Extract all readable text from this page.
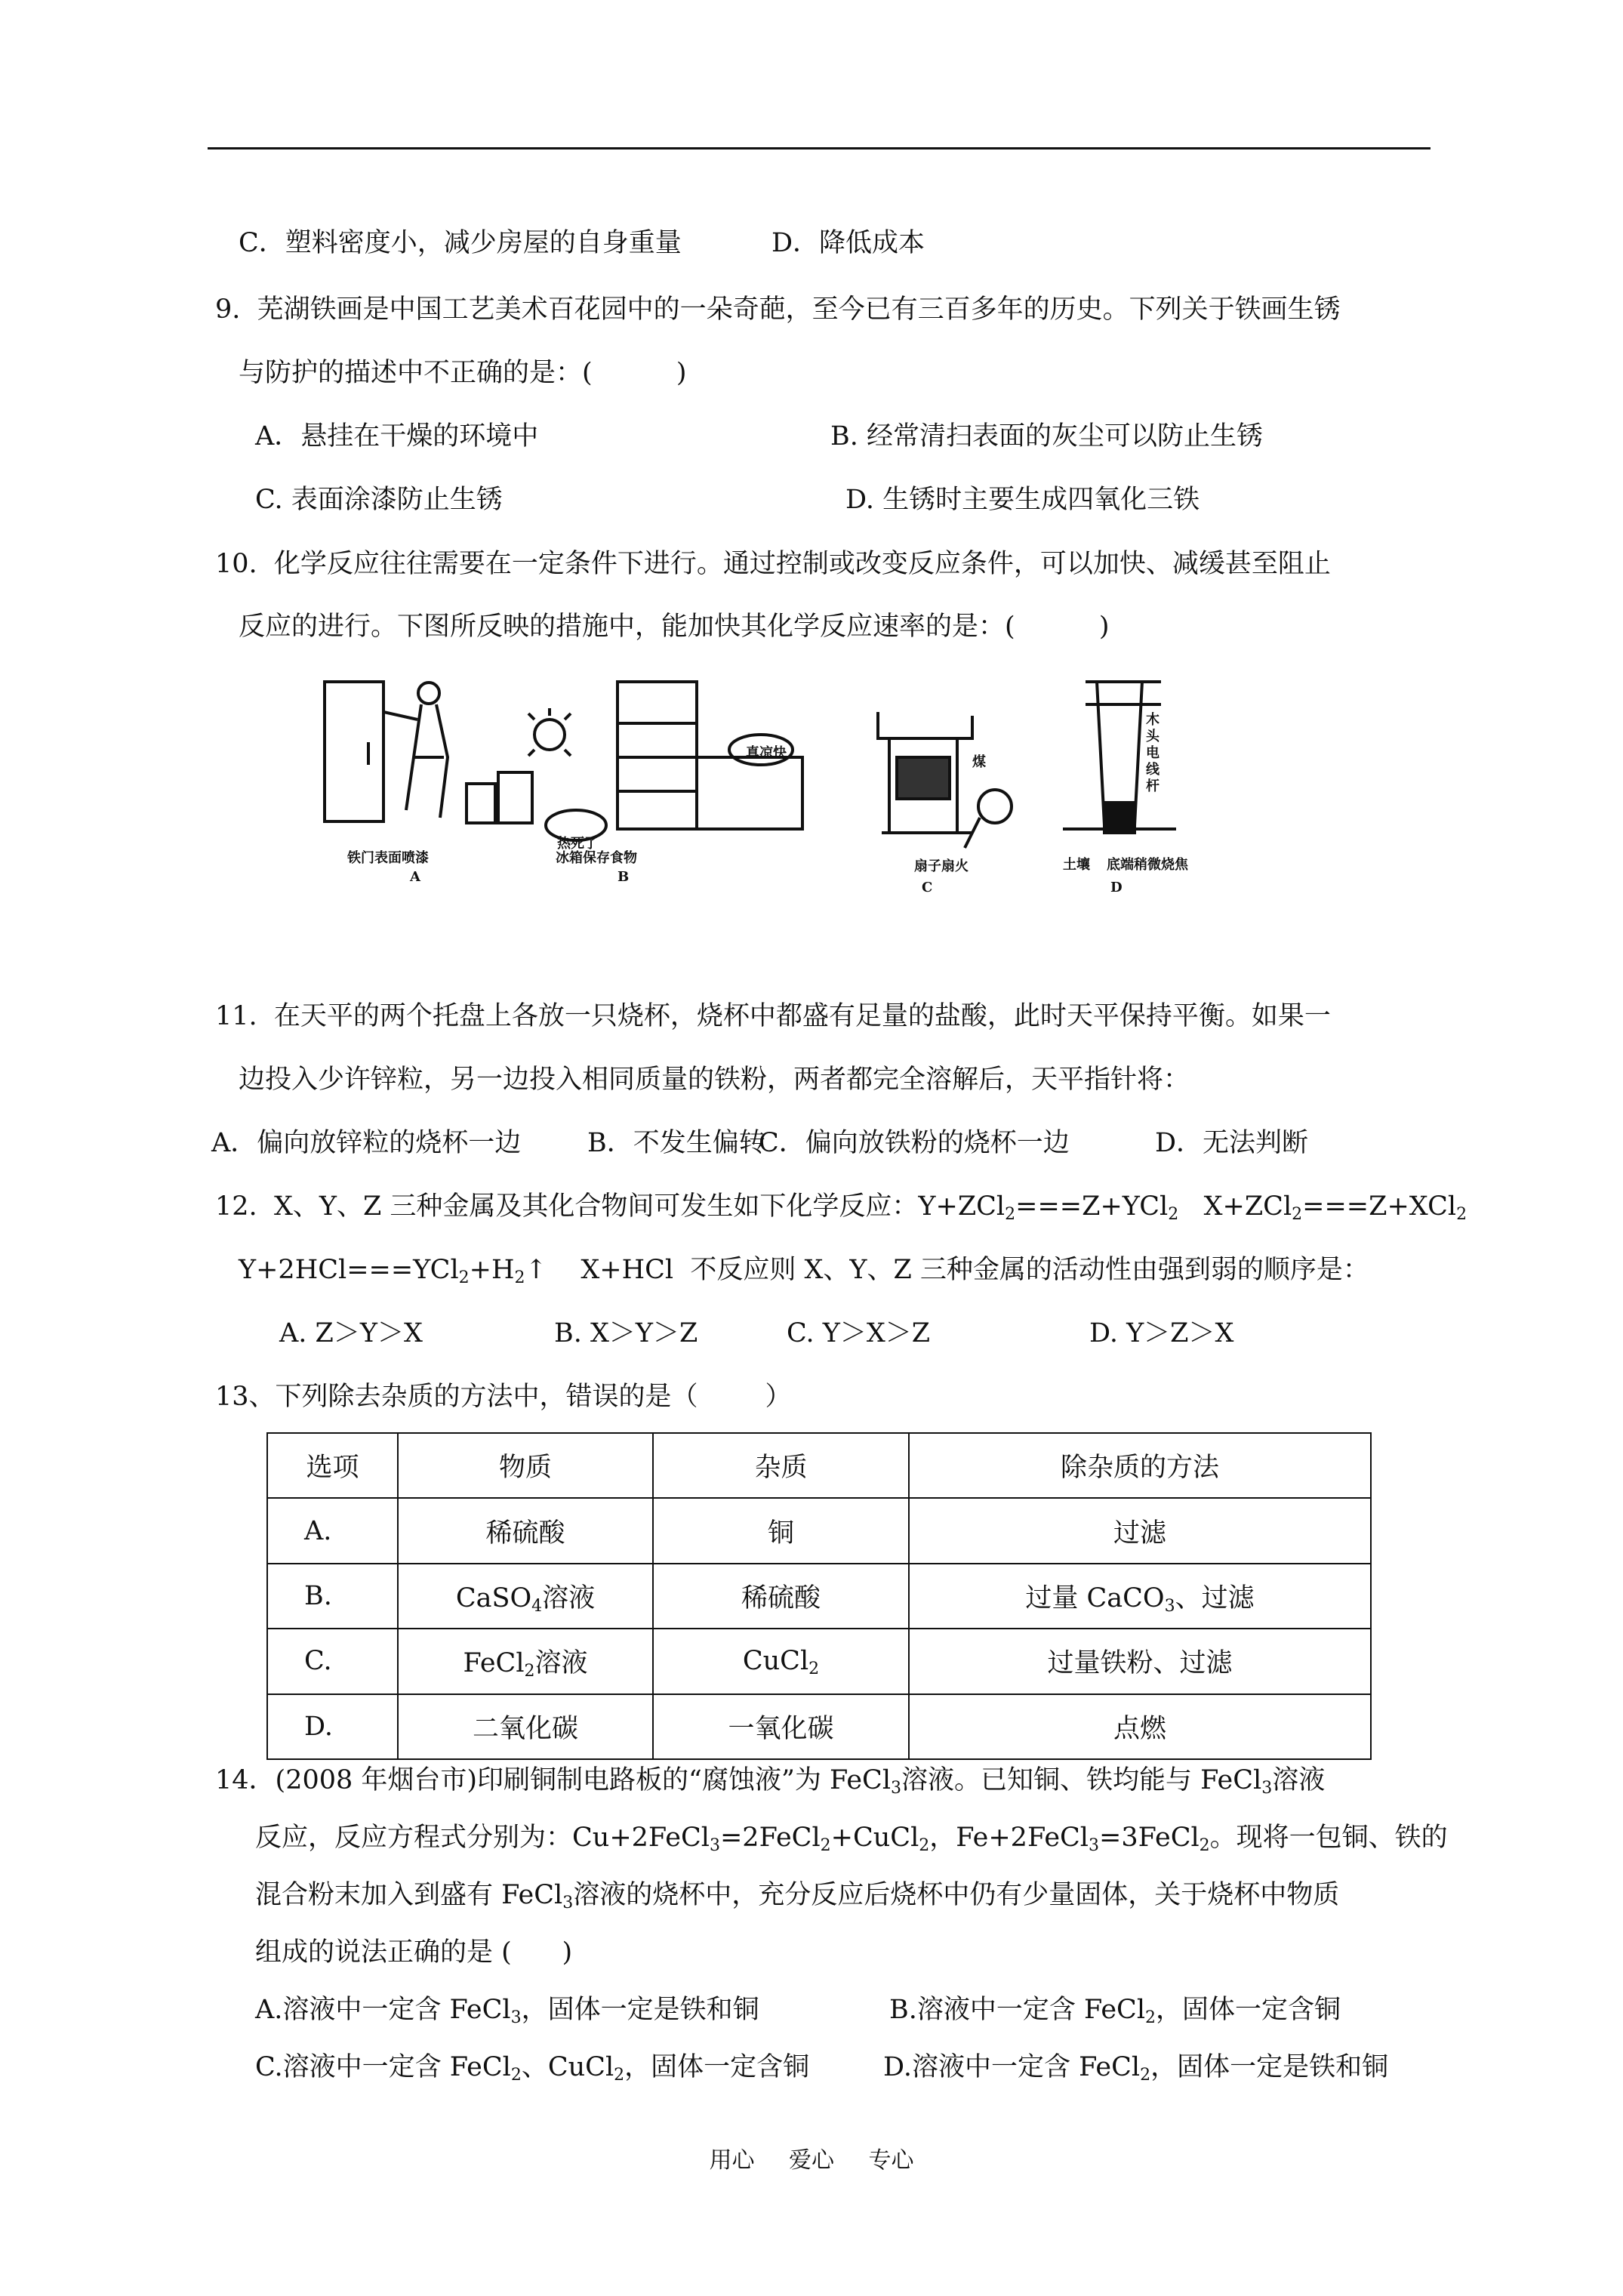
C．塑料密度小，减少房屋的自身重量	D．降低成本
9.  芜湖铁画是中国工艺美术百花园中的一朵奇葩，至今已有三百多年的历史。下列关于铁画生锈
与防护的描述中不正确的是：(          )
A．悬挂在干燥的环境中	B. 经常清扫表面的灰尘可以防止生锈
C. 表面涂漆防止生锈	D. 生锈时主要生成四氧化三铁
10.  化学反应往往需要在一定条件下进行。通过控制或改变反应条件，可以加快、减缓甚至阻止
反应的进行。下图所反映的措施中，能加快其化学反应速率的是：(          )
铁门表面喷漆
A
热死了
真凉快
冰箱保存食物
B
煤
扇子扇火
C
木头电线杆
土壤 底端稍微烧焦
D
11.  在天平的两个托盘上各放一只烧杯，烧杯中都盛有足量的盐酸，此时天平保持平衡。如果一
边投入少许锌粒，另一边投入相同质量的铁粉，两者都完全溶解后，天平指针将：
A．偏向放锌粒的烧杯一边	B．不发生偏转
C．偏向放铁粉的烧杯一边	D．无法判断
12. X、Y、Z 三种金属及其化合物间可发生如下化学反应：Y+ZCl$_2$===Z+YCl$_2$   X+ZCl$_2$===Z+XCl$_2$
$Y+2HCl===YCl_2+H_2↑$    X+HCl  不反应则 X、Y、Z 三种金属的活动性由强到弱的顺序是：
A. Z＞Y＞X	B. X＞Y＞Z	C. Y＞X＞Z	D. Y＞Z＞X
13、下列除去杂质的方法中，错误的是（        ）
选项	物质	杂质	除杂质的方法
A.	稀硫酸	铜	过滤
B.	CaSO$_4$溶液	稀硫酸	过量 CaCO$_3$、过滤
C.	FeCl$_2$溶液	CuCl$_2$	过量铁粉、过滤
D.	二氧化碳	一氧化碳	点燃
14．(2008 年烟台市)印刷铜制电路板的“腐蚀液”为 FeCl$_3$溶液。已知铜、铁均能与 FeCl$_3$溶液
反应，反应方程式分别为：Cu+2FeCl$_3$=2FeCl$_2$+CuCl$_2$，Fe+2FeCl$_3$=3FeCl$_2$。现将一包铜、铁的
混合粉末加入到盛有 FeCl$_3$溶液的烧杯中，充分反应后烧杯中仍有少量固体，关于烧杯中物质
组成的说法正确的是 (      )
A.溶液中一定含 FeCl$_3$，固体一定是铁和铜	B.溶液中一定含 FeCl$_2$，固体一定含铜
C.溶液中一定含 FeCl$_2$、CuCl$_2$，固体一定含铜	D.溶液中一定含 FeCl$_2$，固体一定是铁和铜
用心 爱心 专心
